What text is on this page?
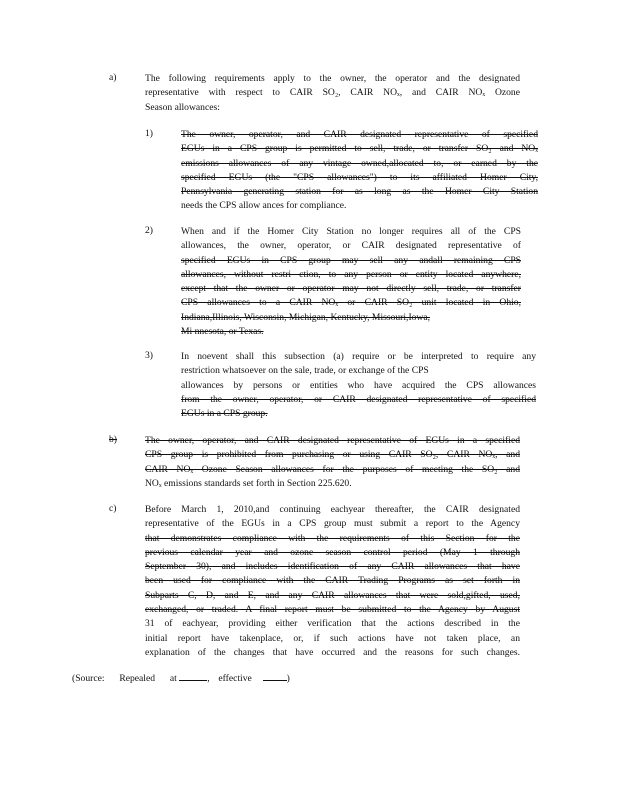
a)	The following requirements apply to the owner, the operator and the designated
representative with respect to CAIR SO₂, CAIR NOₓ, and CAIR NOₓ Ozone
Season allowances:
1)	The owner, operator, and CAIR designated representative of specified
EGUs in a CPS group is permitted to sell, trade, or transfer SO₂ and NOₓ
emissions allowances of any vintage owned,allocated to, or earned by the
specified EGUs (the "CPS allowances") to its affiliated Homer City,
Pennsylvania generating station for as long as the Homer City Station
needs the CPS allow ances for compliance.
2)	When and if the Homer City Station no longer requires all of the CPS
allowances, the owner, operator, or CAIR designated representative of
specified EGUs in CPS group may sell any andall remaining CPS
allowances, without restri ction, to any person or entity located anywhere,
except that the owner or operator may not directly sell, trade, or transfer
CPS allowances to a CAIR NOₓ or CAIR SO₂ unit located in Ohio,
Indiana,Illinois, Wisconsin, Michigan, Kentucky, Missouri,Iowa,
Mi nnesota, or Texas.
3)	In noevent shall this subsection (a) require or be interpreted to require any
restriction whatsoever on the sale, trade, or exchange of the CPS
allowances by persons or entities who have acquired the CPS allowances
from the owner, operator, or CAIR designated representative of specified
EGUs in a CPS group.
b)	The owner, operator, and CAIR designated representative of EGUs in a specified
CPS group is prohibited from purchasing or using CAIR SO₂, CAIR NOₓ, and
CAIR NOₓ Ozone Season allowances for the purposes of meeting the SO₂ and
NOₓ emissions standards set forth in Section 225.620.
c)	Before March 1, 2010,and continuing eachyear thereafter, the CAIR designated
representative of the EGUs in a CPS group must submit a report to the Agency
that demonstrates compliance with the requirements of this Section for the
previous calendar year and ozone season control period (May 1 through
September 30), and includes identification of any CAIR allowances that have
been used for compliance with the CAIR Trading Programs as set forth in
Subparts C, D, and E, and any CAIR allowances that were sold,gifted, used,
exchanged, or traded. A final report must be submitted to the Agency by August
31 of eachyear, providing either verification that the actions described in the
initial report have takenplace, or, if such actions have not taken place, an
explanation of the changes that have occurred and the reasons for such changes.
(Source: Repealed at	,  effective	)
